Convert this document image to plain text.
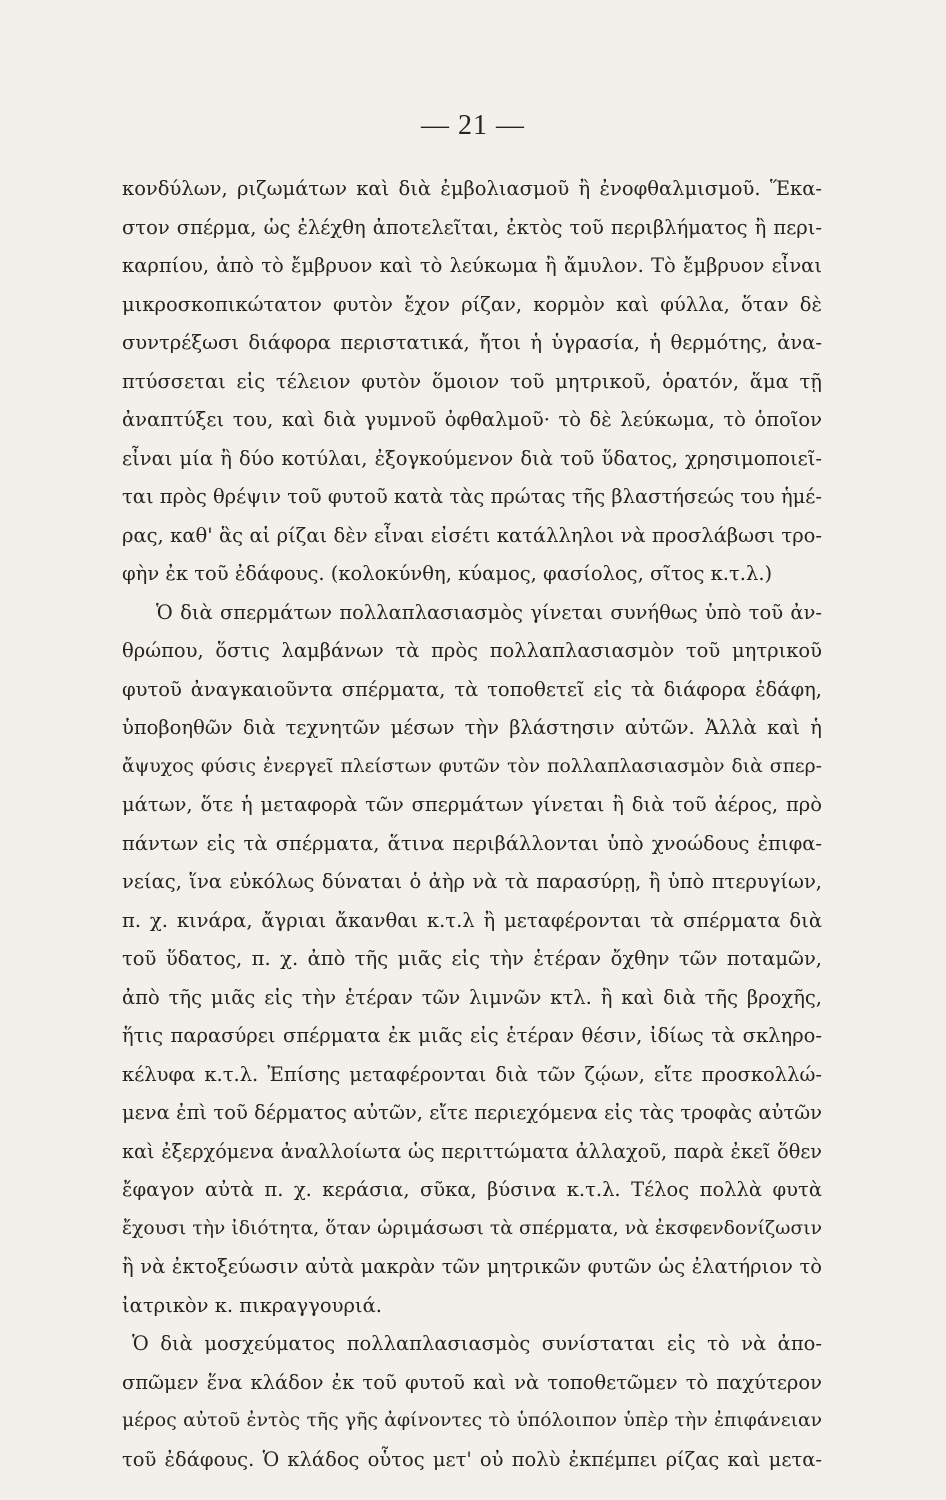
— 21 —
κονδύλων, ριζωμάτων καὶ διὰ ἐμβολιασμοῦ ἢ ἐνοφθαλμισμοῦ. Ἕκα-
στον σπέρμα, ὡς ἐλέχθη ἀποτελεῖται, ἐκτὸς τοῦ περιβλήματος ἢ περι-
καρπίου, ἀπὸ τὸ ἔμβρυον καὶ τὸ λεύκωμα ἢ ἄμυλον. Τὸ ἔμβρυον εἶναι
μικροσκοπικώτατον φυτὸν ἔχον ρίζαν, κορμὸν καὶ φύλλα, ὅταν δὲ
συντρέξωσι διάφορα περιστατικά, ἤτοι ἡ ὑγρασία, ἡ θερμότης, ἀνα-
πτύσσεται εἰς τέλειον φυτὸν ὅμοιον τοῦ μητρικοῦ, ὁρατόν, ἅμα τῇ
ἀναπτύξει του, καὶ διὰ γυμνοῦ ὀφθαλμοῦ· τὸ δὲ λεύκωμα, τὸ ὁποῖον
εἶναι μία ἢ δύο κοτύλαι, ἐξογκούμενον διὰ τοῦ ὕδατος, χρησιμοποιεῖ-
ται πρὸς θρέψιν τοῦ φυτοῦ κατὰ τὰς πρώτας τῆς βλαστήσεώς του ἡμέ-
ρας, καθ' ἃς αἱ ρίζαι δὲν εἶναι εἰσέτι κατάλληλοι νὰ προσλάβωσι τρο-
φὴν ἐκ τοῦ ἐδάφους. (κολοκύνθη, κύαμος, φασίολος, σῖτος κ.τ.λ.)
Ὁ διὰ σπερμάτων πολλαπλασιασμὸς γίνεται συνήθως ὑπὸ τοῦ ἀν-
θρώπου, ὅστις λαμβάνων τὰ πρὸς πολλαπλασιασμὸν τοῦ μητρικοῦ
φυτοῦ ἀναγκαιοῦντα σπέρματα, τὰ τοποθετεῖ εἰς τὰ διάφορα ἐδάφη,
ὑποβοηθῶν διὰ τεχνητῶν μέσων τὴν βλάστησιν αὐτῶν. Ἀλλὰ καὶ ἡ
ἄψυχος φύσις ἐνεργεῖ πλείστων φυτῶν τὸν πολλαπλασιασμὸν διὰ σπερ-
μάτων, ὅτε ἡ μεταφορὰ τῶν σπερμάτων γίνεται ἢ διὰ τοῦ ἀέρος, πρὸ
πάντων εἰς τὰ σπέρματα, ἅτινα περιβάλλονται ὑπὸ χνοώδους ἐπιφα-
νείας, ἵνα εὐκόλως δύναται ὁ ἀὴρ νὰ τὰ παρασύρῃ, ἢ ὑπὸ πτερυγίων,
π. χ. κινάρα, ἄγριαι ἄκανθαι κ.τ.λ ἢ μεταφέρονται τὰ σπέρματα διὰ
τοῦ ὕδατος, π. χ. ἀπὸ τῆς μιᾶς εἰς τὴν ἑτέραν ὄχθην τῶν ποταμῶν,
ἀπὸ τῆς μιᾶς εἰς τὴν ἑτέραν τῶν λιμνῶν κτλ. ἢ καὶ διὰ τῆς βροχῆς,
ἥτις παρασύρει σπέρματα ἐκ μιᾶς εἰς ἑτέραν θέσιν, ἰδίως τὰ σκληρο-
κέλυφα κ.τ.λ. Ἐπίσης μεταφέρονται διὰ τῶν ζῴων, εἴτε προσκολλώ-
μενα ἐπὶ τοῦ δέρματος αὐτῶν, εἴτε περιεχόμενα εἰς τὰς τροφὰς αὐτῶν
καὶ ἐξερχόμενα ἀναλλοίωτα ὡς περιττώματα ἀλλαχοῦ, παρὰ ἐκεῖ ὅθεν
ἔφαγον αὐτὰ π. χ. κεράσια, σῦκα, βύσινα κ.τ.λ. Τέλος πολλὰ φυτὰ
ἔχουσι τὴν ἰδιότητα, ὅταν ὡριμάσωσι τὰ σπέρματα, νὰ ἐκσφενδονίζωσιν
ἢ νὰ ἐκτοξεύωσιν αὐτὰ μακρὰν τῶν μητρικῶν φυτῶν ὡς ἐλατήριον τὸ
ἰατρικὸν κ. πικραγγουριά.
Ὁ διὰ μοσχεύματος πολλαπλασιασμὸς συνίσταται εἰς τὸ νὰ ἀπο-
σπῶμεν ἕνα κλάδον ἐκ τοῦ φυτοῦ καὶ νὰ τοποθετῶμεν τὸ παχύτερον
μέρος αὐτοῦ ἐντὸς τῆς γῆς ἀφίνοντες τὸ ὑπόλοιπον ὑπὲρ τὴν ἐπιφάνειαν
τοῦ ἐδάφους. Ὁ κλάδος οὗτος μετ' οὐ πολὺ ἐκπέμπει ρίζας καὶ μετα-
